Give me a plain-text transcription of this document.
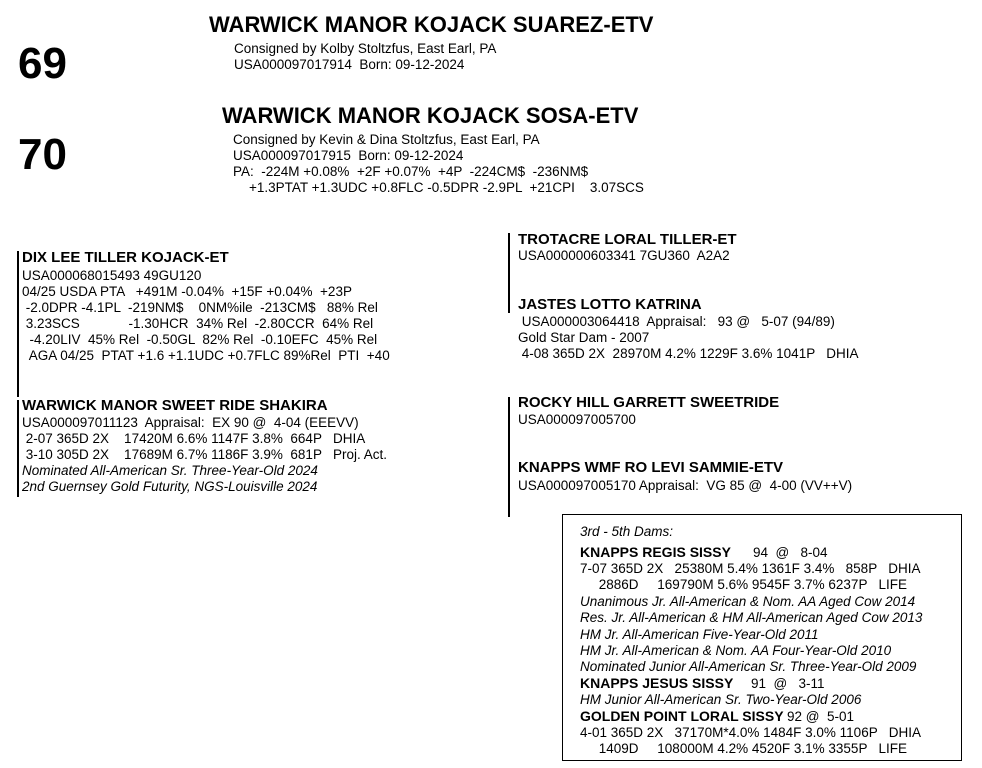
69
WARWICK MANOR KOJACK SUAREZ-ETV
Consigned by Kolby Stoltzfus, East Earl, PA
USA000097017914  Born: 09-12-2024
70
WARWICK MANOR KOJACK SOSA-ETV
Consigned by Kevin & Dina Stoltzfus, East Earl, PA
USA000097017915  Born: 09-12-2024
PA:  -224M +0.08%  +2F +0.07%  +4P  -224CM$  -236NM$
+1.3PTAT +1.3UDC +0.8FLC -0.5DPR -2.9PL  +21CPI    3.07SCS
DIX LEE TILLER KOJACK-ET
USA000068015493 49GU120
04/25 USDA PTA   +491M -0.04%  +15F +0.04%  +23P
-2.0DPR -4.1PL  -219NM$    0NM%ile  -213CM$   88% Rel
3.23SCS             -1.30HCR  34% Rel  -2.80CCR  64% Rel
-4.20LIV  45% Rel  -0.50GL  82% Rel  -0.10EFC  45% Rel
AGA 04/25  PTAT +1.6 +1.1UDC +0.7FLC 89%Rel  PTI  +40
WARWICK MANOR SWEET RIDE SHAKIRA
USA000097011123  Appraisal:  EX 90 @  4-04 (EEEVV)
2-07 365D 2X    17420M 6.6% 1147F 3.8%  664P   DHIA
3-10 305D 2X    17689M 6.7% 1186F 3.9%  681P   Proj. Act.
Nominated All-American Sr. Three-Year-Old 2024
2nd Guernsey Gold Futurity, NGS-Louisville 2024
TROTACRE LORAL TILLER-ET
USA000000603341 7GU360  A2A2
JASTES LOTTO KATRINA
USA000003064418  Appraisal:   93 @   5-07 (94/89)
Gold Star Dam - 2007
4-08 365D 2X  28970M 4.2% 1229F 3.6% 1041P   DHIA
ROCKY HILL GARRETT SWEETRIDE
USA000097005700
KNAPPS WMF RO LEVI SAMMIE-ETV
USA000097005170 Appraisal:  VG 85 @  4-00 (VV++V)
3rd - 5th Dams:
KNAPPS REGIS SISSY 94  @   8-04
7-07 365D 2X   25380M 5.4% 1361F 3.4%   858P   DHIA
2886D     169790M 5.6% 9545F 3.7% 6237P   LIFE
Unanimous Jr. All-American & Nom. AA Aged Cow 2014
Res. Jr. All-American & HM All-American Aged Cow 2013
HM Jr. All-American Five-Year-Old 2011
HM Jr. All-American & Nom. AA Four-Year-Old 2010
Nominated Junior All-American Sr. Three-Year-Old 2009
KNAPPS JESUS SISSY 91  @   3-11
HM Junior All-American Sr. Two-Year-Old 2006
GOLDEN POINT LORAL SISSY
92 @  5-01
4-01 365D 2X   37170M*4.0% 1484F 3.0% 1106P   DHIA
1409D     108000M 4.2% 4520F 3.1% 3355P   LIFE
